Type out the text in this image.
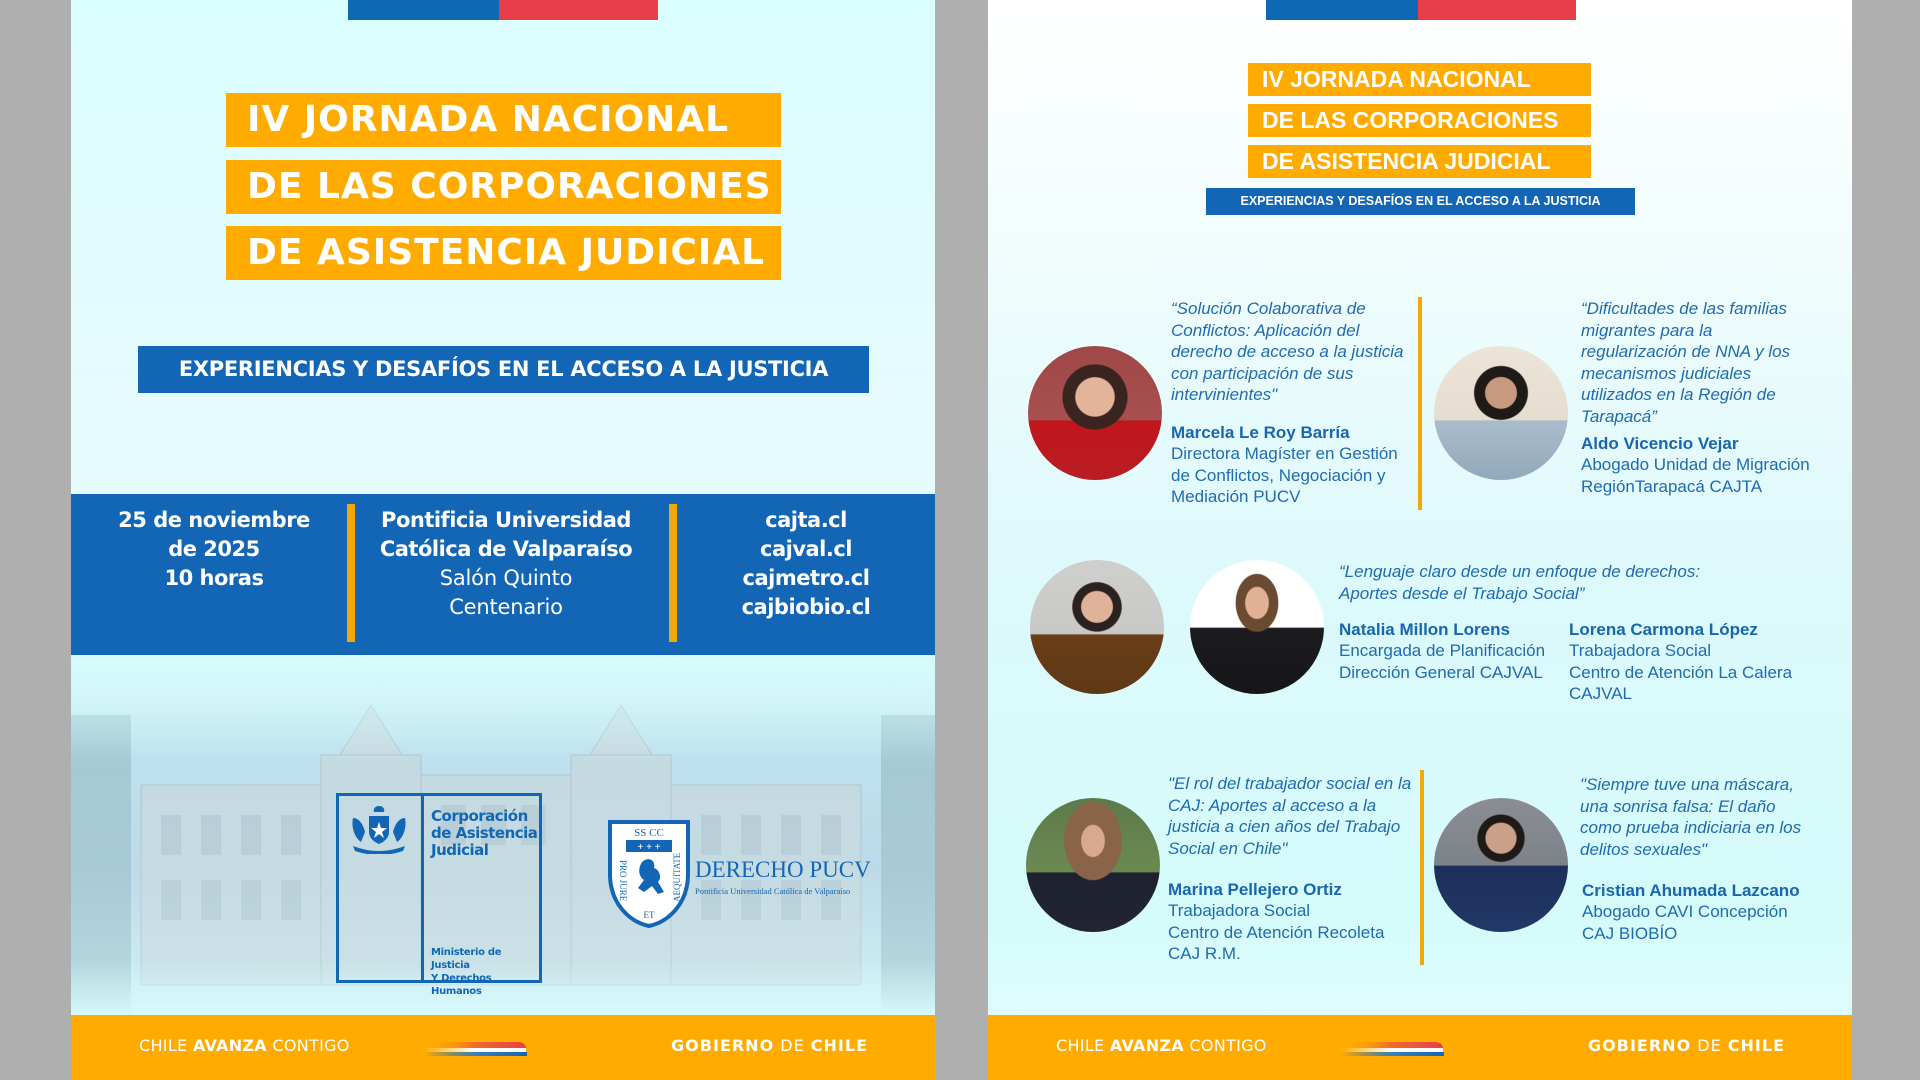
IV JORNADA NACIONAL
DE LAS CORPORACIONES
DE ASISTENCIA JUDICIAL
EXPERIENCIAS Y DESAFÍOS EN EL ACCESO A LA JUSTICIA
25 de noviembre
de 2025
10 horas
Pontificia Universidad
Católica de Valparaíso
Salón Quinto
Centenario
cajta.cl
cajval.cl
cajmetro.cl
cajbiobio.cl
Corporación
de Asistencia
Judicial
Ministerio de Justicia
Y Derechos Humanos
SS CC
+ + +
PRO JURE	AEQUITATE
ET
DERECHO PUCV
Pontificia Universidad Católica de Valparaíso
CHILE AVANZA CONTIGO	GOBIERNO DE CHILE
IV JORNADA NACIONAL
DE LAS CORPORACIONES
DE ASISTENCIA JUDICIAL
EXPERIENCIAS Y DESAFÍOS EN EL ACCESO A LA JUSTICIA
“Solución Colaborativa de Conflictos: Aplicación del derecho de acceso a la justicia con participación de sus intervinientes"
Marcela Le Roy Barría
Directora Magíster en Gestión de Conflictos, Negociación y Mediación PUCV
“Dificultades de las familias migrantes para la regularización de NNA y los mecanismos judiciales utilizados en la Región de Tarapacá”
Aldo Vicencio Vejar
Abogado Unidad de Migración RegiónTarapacá CAJTA
“Lenguaje claro desde un enfoque de derechos: Aportes desde el Trabajo Social”
Natalia Millon Lorens
Encargada de Planificación
Dirección General CAJVAL
Lorena Carmona López
Trabajadora Social
Centro de Atención La Calera
CAJVAL
"El rol del trabajador social en la CAJ: Aportes al acceso a la justicia a cien años del Trabajo Social en Chile"
Marina Pellejero Ortiz
Trabajadora Social
Centro de Atención Recoleta
CAJ R.M.
"Siempre tuve una máscara, una sonrisa falsa: El daño como prueba indiciaria en los delitos sexuales"
Cristian Ahumada Lazcano
Abogado CAVI Concepción
CAJ BIOBÍO
CHILE AVANZA CONTIGO	GOBIERNO DE CHILE
